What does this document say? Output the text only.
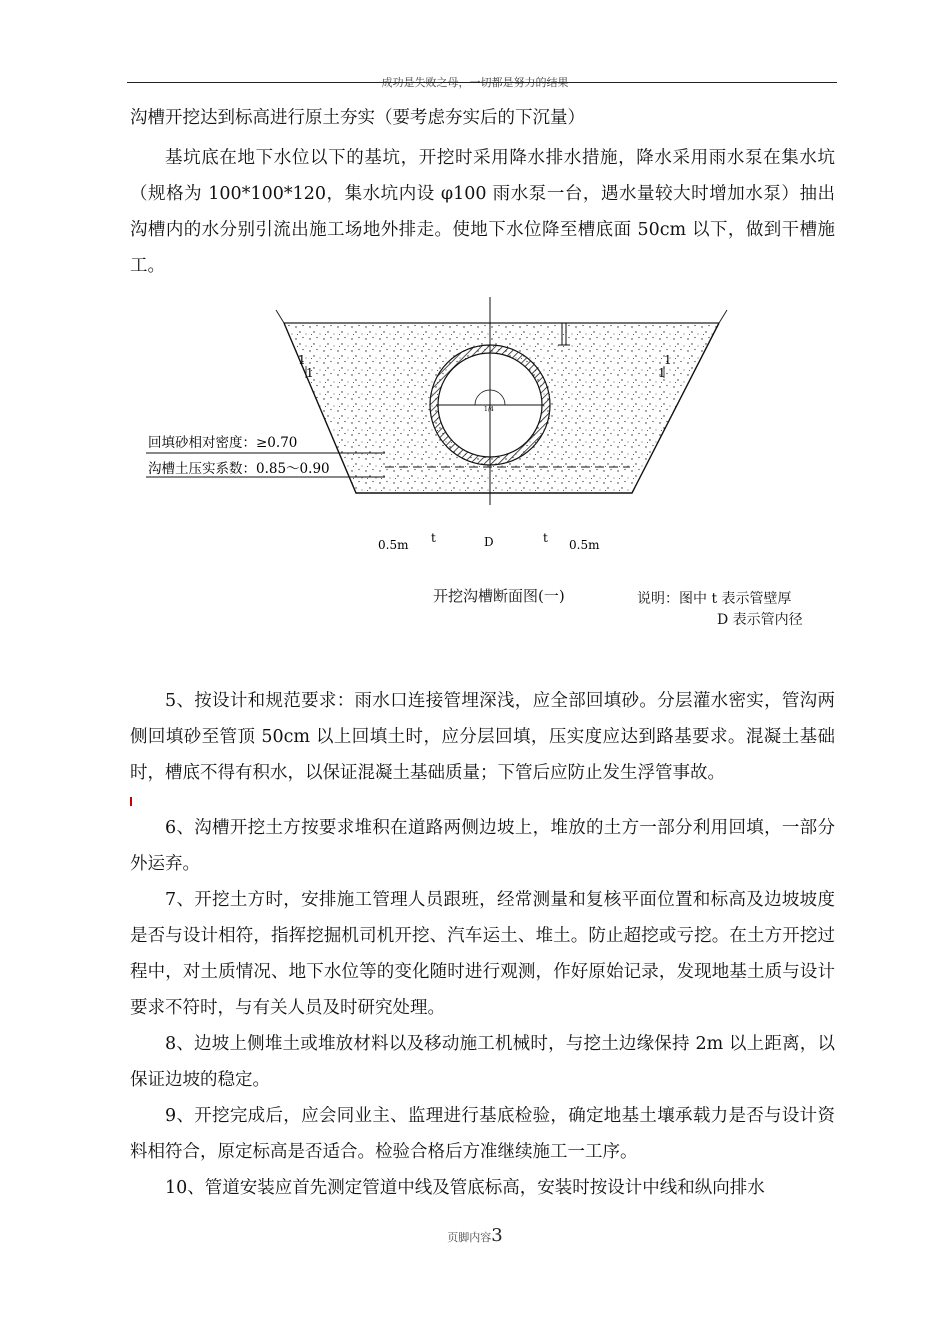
成功是失败之母，一切都是努力的结果

沟槽开挖达到标高进行原土夯实（要考虑夯实后的下沉量）

基坑底在地下水位以下的基坑，开挖时采用降水排水措施，降水采用雨水泵在集水坑（规格为 100*100*120，集水坑内设 φ100 雨水泵一台，遇水量较大时增加水泵）抽出沟槽内的水分别引流出施工场地外排走。使地下水位降至槽底面 50cm 以下，做到干槽施工。

1
1
1
1
1/4
回填砂相对密度：≥0.70
沟槽土压实系数：0.85～0.90
0.5m t	D	t 0.5m
开挖沟槽断面图(一)	说明：图中 t 表示管壁厚
D 表示管内径

5、按设计和规范要求：雨水口连接管埋深浅，应全部回填砂。分层灌水密实，管沟两侧回填砂至管顶 50cm 以上回填土时，应分层回填，压实度应达到路基要求。混凝土基础时，槽底不得有积水，以保证混凝土基础质量；下管后应防止发生浮管事故。

6、沟槽开挖土方按要求堆积在道路两侧边坡上，堆放的土方一部分利用回填，一部分外运弃。

7、开挖土方时，安排施工管理人员跟班，经常测量和复核平面位置和标高及边坡坡度是否与设计相符，指挥挖掘机司机开挖、汽车运土、堆土。防止超挖或亏挖。在土方开挖过程中，对土质情况、地下水位等的变化随时进行观测，作好原始记录，发现地基土质与设计要求不符时，与有关人员及时研究处理。

8、边坡上侧堆土或堆放材料以及移动施工机械时，与挖土边缘保持 2m 以上距离，以保证边坡的稳定。

9、开挖完成后，应会同业主、监理进行基底检验，确定地基土壤承载力是否与设计资料相符合，原定标高是否适合。检验合格后方准继续施工一工序。

10、管道安装应首先测定管道中线及管底标高，安装时按设计中线和纵向排水

页脚内容3
